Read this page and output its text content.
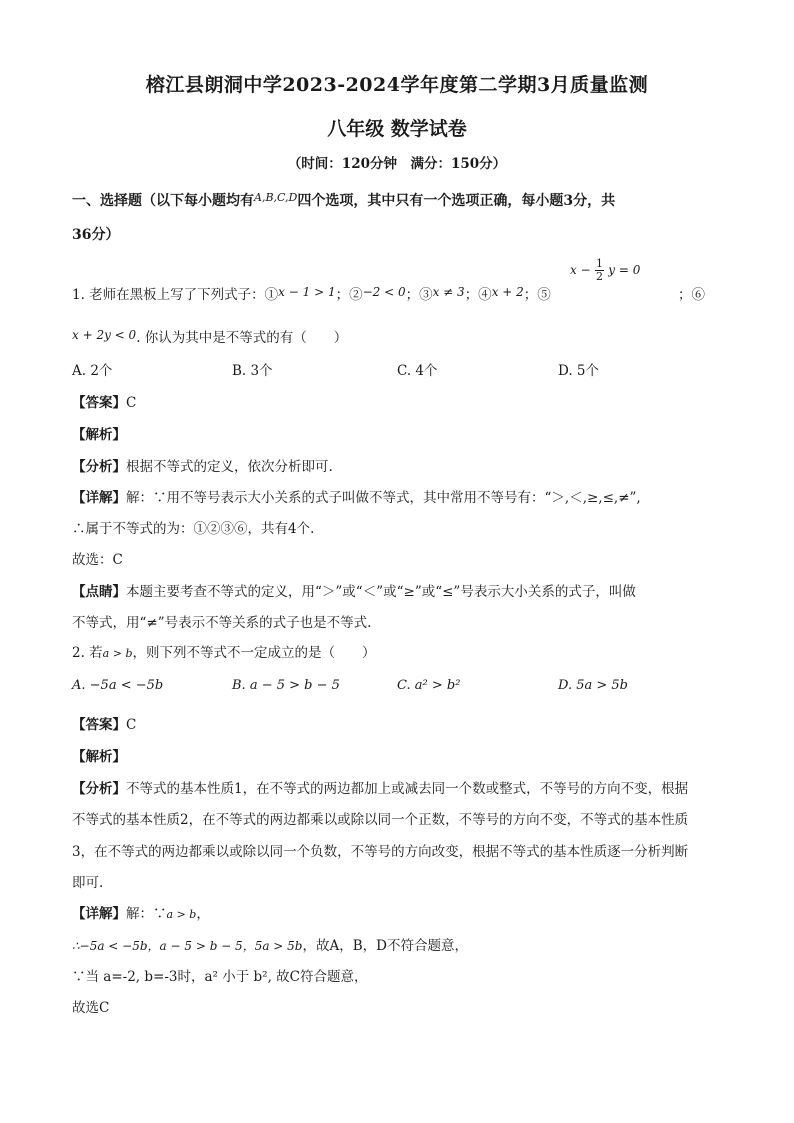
榕江县朗洞中学2023-2024学年度第二学期3月质量监测
八年级 数学试卷
（时间：120分钟　满分：150分）
一、选择题（以下每小题均有$^{A,B,C,D}$四个选项，其中只有一个选项正确，每小题3分，共
36分）
1. 老师在黑板上写了下列式子：①x − 1 > 1；②−2 < 0；③x ≠ 3；④x + 2；⑤
$x - \frac{1}{2}$ y = 0
；⑥
x + 2y < 0. 你认为其中是不等式的有（　　）
A. 2个	B. 3个	C. 4个	D. 5个
【答案】C
【解析】
【分析】根据不等式的定义，依次分析即可.
【详解】解：∵用不等号表示大小关系的式子叫做不等式，其中常用不等号有：“＞,＜,≥,≤,≠”,
∴属于不等式的为：①②③⑥，共有4个.
故选：C
【点睛】本题主要考查不等式的定义，用“＞”或“＜”或“≥”或“≤”号表示大小关系的式子，叫做
不等式，用“≠”号表示不等关系的式子也是不等式.
2. 若a > b，则下列不等式不一定成立的是（　　）
A. −5a < −5b	B. a − 5 > b − 5	C. a² > b²	D. 5a > 5b
【答案】C
【解析】
【分析】不等式的基本性质1，在不等式的两边都加上或减去同一个数或整式，不等号的方向不变，根据
不等式的基本性质2，在不等式的两边都乘以或除以同一个正数，不等号的方向不变，不等式的基本性质
3，在不等式的两边都乘以或除以同一个负数，不等号的方向改变，根据不等式的基本性质逐一分析判断
即可.
【详解】解：∵a > b，
∴−5a < −5b，a − 5 > b − 5，5a > 5b，故A，B，D不符合题意，
∵当 a=-2, b=-3时，a² 小于 b², 故C符合题意，
故选C
